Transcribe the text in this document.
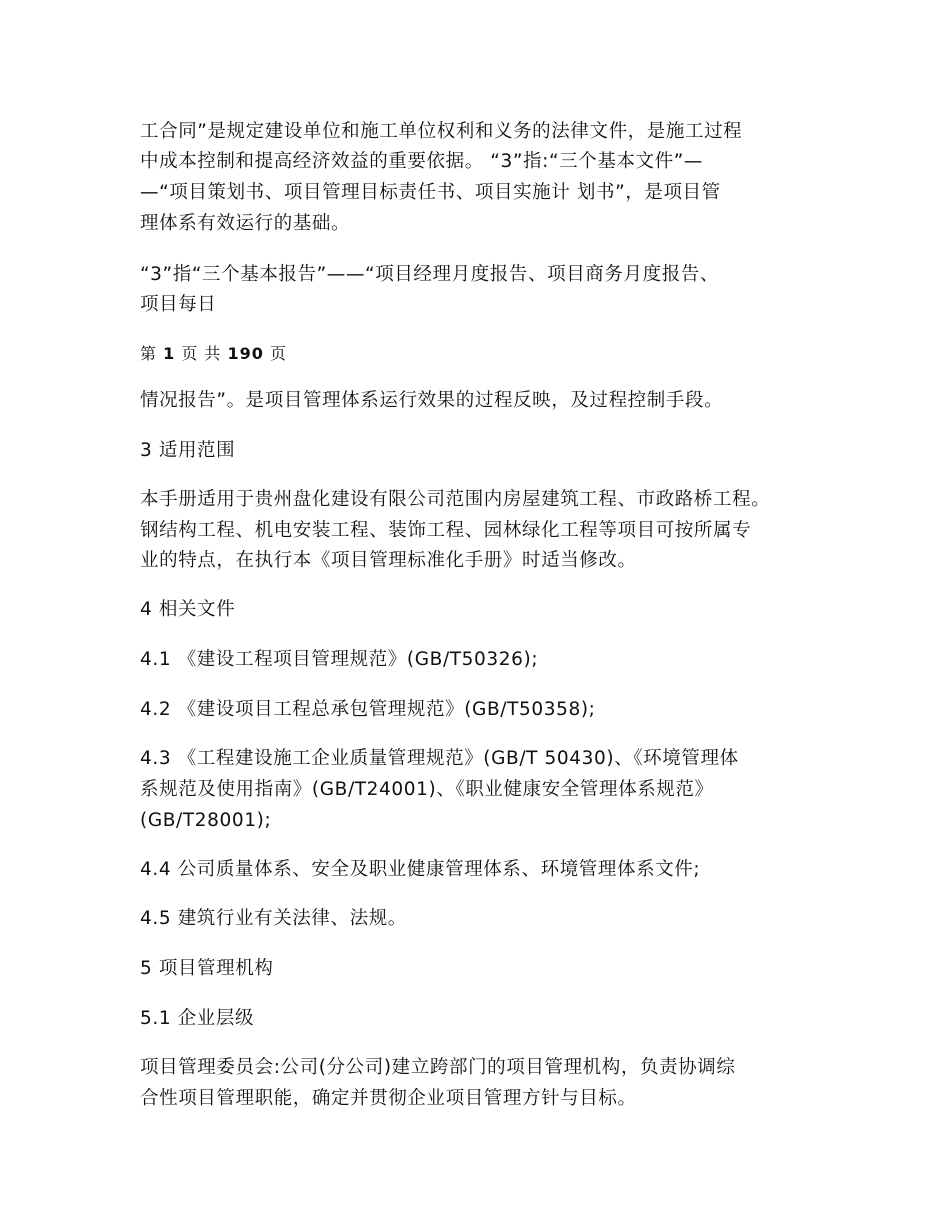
工合同”是规定建设单位和施工单位权利和义务的法律文件，是施工过程

中成本控制和提高经济效益的重要依据。 “3”指:“三个基本文件”—

—“项目策划书、项目管理目标责任书、项目实施计 划书”，是项目管

理体系有效运行的基础。

“3”指“三个基本报告”——“项目经理月度报告、项目商务月度报告、

项目每日

第 1 页 共 190 页

情况报告”。是项目管理体系运行效果的过程反映，及过程控制手段。

3 适用范围

本手册适用于贵州盘化建设有限公司范围内房屋建筑工程、市政路桥工程。

钢结构工程、机电安装工程、装饰工程、园林绿化工程等项目可按所属专

业的特点，在执行本《项目管理标准化手册》时适当修改。

4 相关文件

4.1 《建设工程项目管理规范》(GB/T50326);

4.2 《建设项目工程总承包管理规范》(GB/T50358);

4.3 《工程建设施工企业质量管理规范》(GB/T 50430)、《环境管理体

系规范及使用指南》(GB/T24001)、《职业健康安全管理体系规范》

(GB/T28001);

4.4 公司质量体系、安全及职业健康管理体系、环境管理体系文件;

4.5 建筑行业有关法律、法规。

5 项目管理机构

5.1 企业层级

项目管理委员会:公司(分公司)建立跨部门的项目管理机构，负责协调综

合性项目管理职能，确定并贯彻企业项目管理方针与目标。
